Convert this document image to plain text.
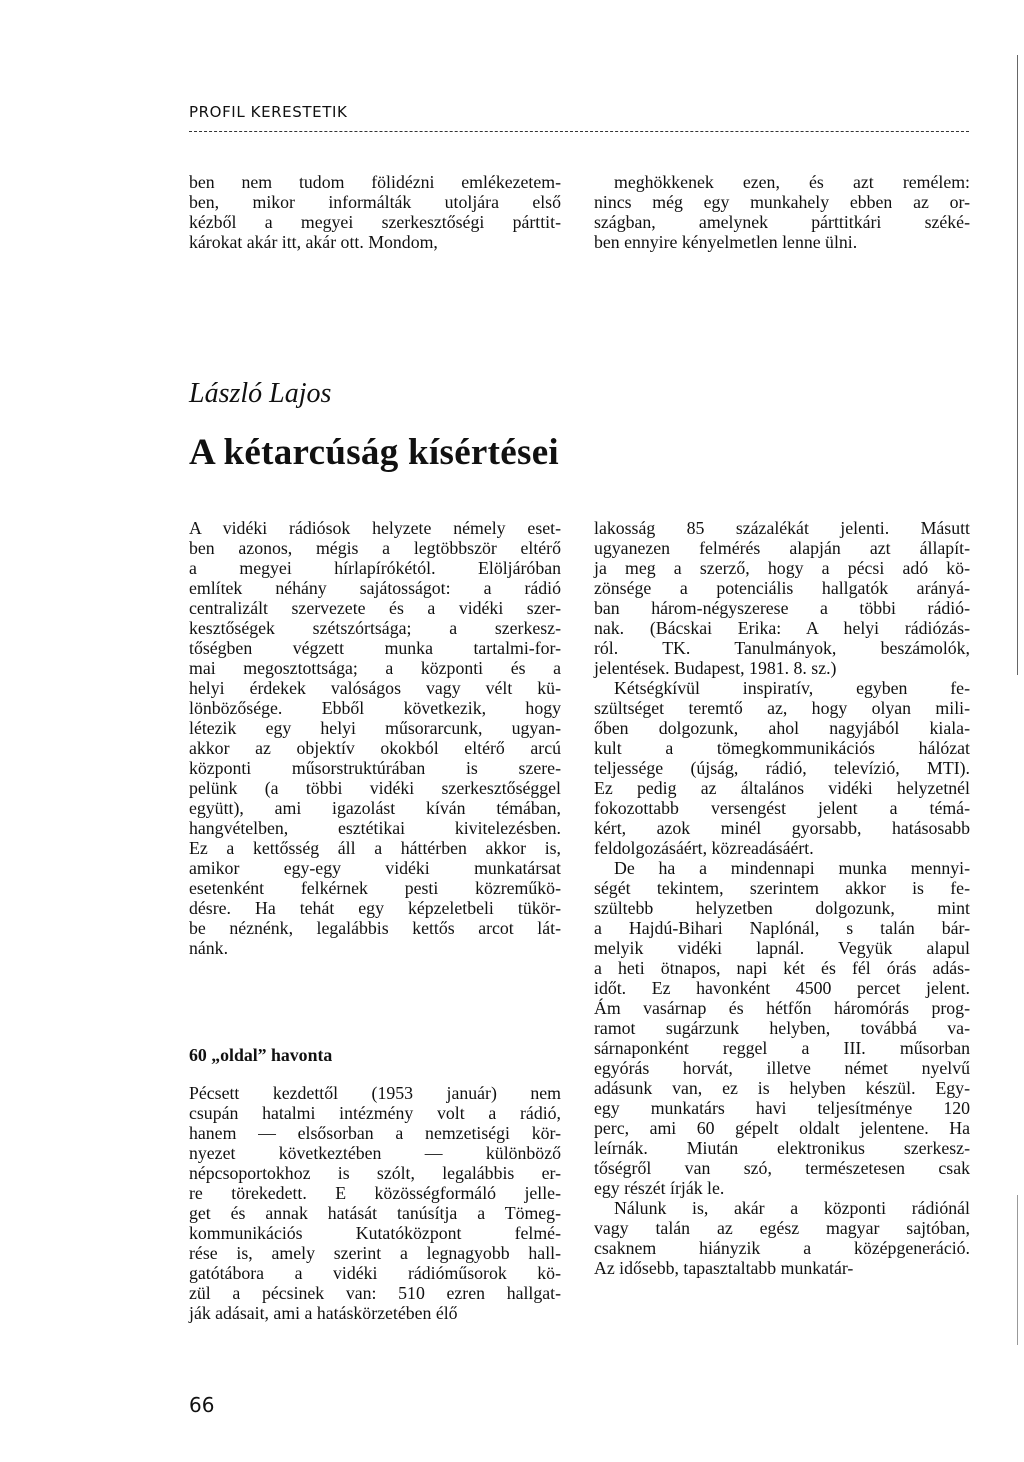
PROFIL KERESTETIK
ben nem tudom fölidézni emlékezetem-
ben, mikor informálták utoljára első
kézből a megyei szerkesztőségi párttit-
károkat akár itt, akár ott. Mondom,
meghökkenek ezen, és azt remélem:
nincs még egy munkahely ebben az or-
szágban, amelynek párttitkári széké-
ben ennyire kényelmetlen lenne ülni.
László Lajos
A kétarcúság kísértései
A vidéki rádiósok helyzete némely eset-
ben azonos, mégis a legtöbbször eltérő
a megyei hírlapírókétól. Elöljáróban
említek néhány sajátosságot: a rádió
centralizált szervezete és a vidéki szer-
kesztőségek szétszórtsága; a szerkesz-
tőségben végzett munka tartalmi-for-
mai megosztottsága; a központi és a
helyi érdekek valóságos vagy vélt kü-
lönbözősége. Ebből következik, hogy
létezik egy helyi műsorarcunk, ugyan-
akkor az objektív okokból eltérő arcú
központi műsorstruktúrában is szere-
pelünk (a többi vidéki szerkesztőséggel
együtt), ami igazolást kíván témában,
hangvételben, esztétikai kivitelezésben.
Ez a kettősség áll a háttérben akkor is,
amikor egy-egy vidéki munkatársat
esetenként felkérnek pesti közreműkö-
désre. Ha tehát egy képzeletbeli tükör-
be néznénk, legalábbis kettős arcot lát-
nánk.
60 „oldal” havonta
Pécsett kezdettől (1953 január) nem
csupán hatalmi intézmény volt a rádió,
hanem — elsősorban a nemzetiségi kör-
nyezet következtében — különböző
népcsoportokhoz is szólt, legalábbis er-
re törekedett. E közösségformáló jelle-
get és annak hatását tanúsítja a Tömeg-
kommunikációs Kutatóközpont felmé-
rése is, amely szerint a legnagyobb hall-
gatótábora a vidéki rádióműsorok kö-
zül a pécsinek van: 510 ezren hallgat-
ják adásait, ami a hatáskörzetében élő
lakosság 85 százalékát jelenti. Másutt
ugyanezen felmérés alapján azt állapít-
ja meg a szerző, hogy a pécsi adó kö-
zönsége a potenciális hallgatók arányá-
ban három-négyszerese a többi rádió-
nak. (Bácskai Erika: A helyi rádiózás-
ról. TK. Tanulmányok, beszámolók,
jelentések. Budapest, 1981. 8. sz.)
Kétségkívül inspiratív, egyben fe-
szültséget teremtő az, hogy olyan mili-
őben dolgozunk, ahol nagyjából kiala-
kult a tömegkommunikációs hálózat
teljessége (újság, rádió, televízió, MTI).
Ez pedig az általános vidéki helyzetnél
fokozottabb versengést jelent a témá-
kért, azok minél gyorsabb, hatásosabb
feldolgozásáért, közreadásáért.
De ha a mindennapi munka mennyi-
ségét tekintem, szerintem akkor is fe-
szültebb helyzetben dolgozunk, mint
a Hajdú-Bihari Naplónál, s talán bár-
melyik vidéki lapnál. Vegyük alapul
a heti ötnapos, napi két és fél órás adás-
időt. Ez havonként 4500 percet jelent.
Ám vasárnap és hétfőn háromórás prog-
ramot sugárzunk helyben, továbbá va-
sárnaponként reggel a III. műsorban
egyórás horvát, illetve német nyelvű
adásunk van, ez is helyben készül. Egy-
egy munkatárs havi teljesítménye 120
perc, ami 60 gépelt oldalt jelentene. Ha
leírnák. Miután elektronikus szerkesz-
tőségről van szó, természetesen csak
egy részét írják le.
Nálunk is, akár a központi rádiónál
vagy talán az egész magyar sajtóban,
csaknem hiányzik a középgeneráció.
Az idősebb, tapasztaltabb munkatár-
66
